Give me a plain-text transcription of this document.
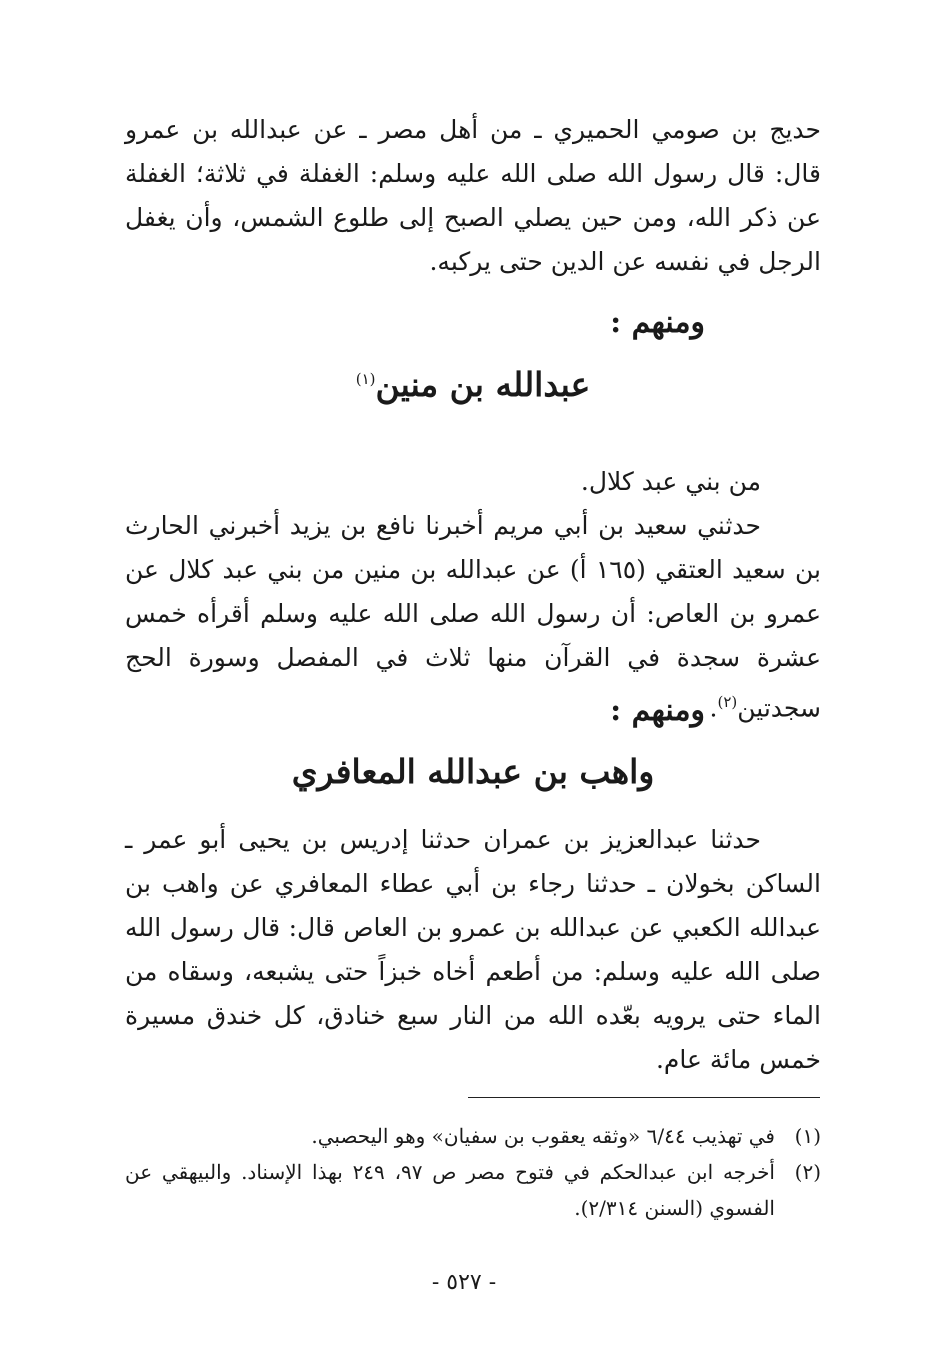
حديج بن صومي الحميري ـ من أهل مصر ـ عن عبدالله بن عمرو قال: قال رسول الله صلى الله عليه وسلم: الغفلة في ثلاثة؛ الغفلة عن ذكر الله، ومن حين يصلي الصبح إلى طلوع الشمس، وأن يغفل الرجل في نفسه عن الدين حتى يركبه.

ومنهم :

عبدالله بن منين$^{(١)}$

من بني عبد كلال.

حدثني سعيد بن أبي مريم أخبرنا نافع بن يزيد أخبرني الحارث بن سعيد العتقي (١٦٥ أ) عن عبدالله بن منين من بني عبد كلال عن عمرو بن العاص: أن رسول الله صلى الله عليه وسلم أقرأه خمس عشرة سجدة في القرآن منها ثلاث في المفصل وسورة الحج سجدتين$^{(٢)}$.

ومنهم :

واهب بن عبدالله المعافري

حدثنا عبدالعزيز بن عمران حدثنا إدريس بن يحيى أبو عمر ـ الساكن بخولان ـ حدثنا رجاء بن أبي عطاء المعافري عن واهب بن عبدالله الكعبي عن عبدالله بن عمرو بن العاص قال: قال رسول الله صلى الله عليه وسلم: من أطعم أخاه خبزاً حتى يشبعه، وسقاه من الماء حتى يرويه بعّده الله من النار سبع خنادق، كل خندق مسيرة خمس مائة عام.

(١)
في تهذيب ٦/٤٤ «وثقه يعقوب بن سفيان» وهو اليحصبي.

(٢)
أخرجه ابن عبدالحكم في فتوح مصر ص ٩٧، ٢٤٩ بهذا الإسناد. والبيهقي عن الفسوي (السنن ٢/٣١٤).

- ٥٢٧ -
